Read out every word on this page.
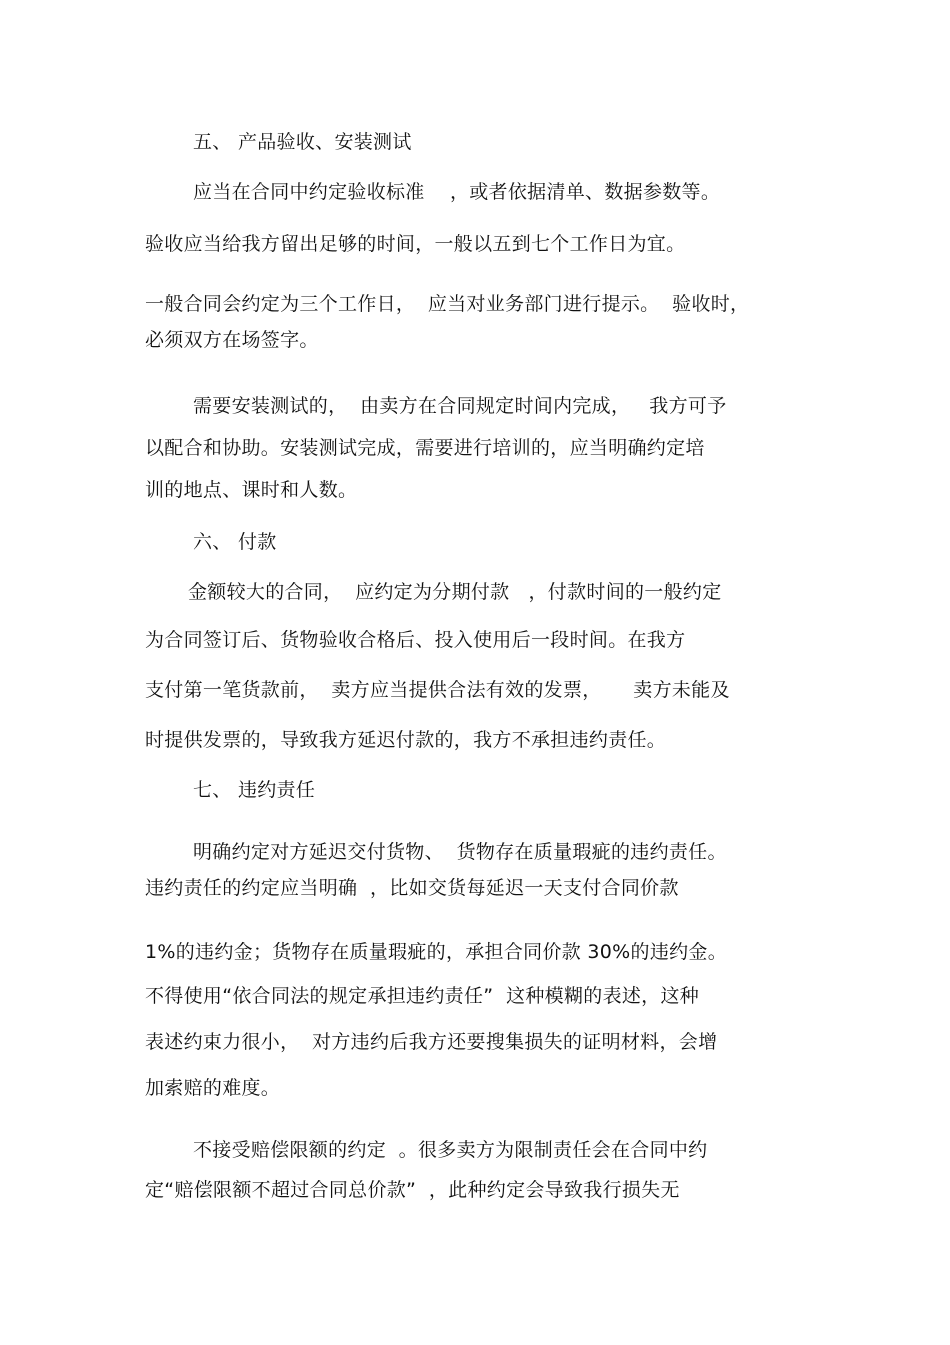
五、 产品验收、安装测试
应当在合同中约定验收标准    ，或者依据清单、数据参数等。
验收应当给我方留出足够的时间，一般以五到七个工作日为宜。
一般合同会约定为三个工作日，  应当对业务部门进行提示。  验收时，
必须双方在场签字。
需要安装测试的，  由卖方在合同规定时间内完成，   我方可予
以配合和协助。安装测试完成，需要进行培训的，应当明确约定培
训的地点、课时和人数。
六、 付款
金额较大的合同，  应约定为分期付款   ，付款时间的一般约定
为合同签订后、货物验收合格后、投入使用后一段时间。在我方
支付第一笔货款前，  卖方应当提供合法有效的发票，     卖方未能及
时提供发票的，导致我方延迟付款的，我方不承担违约责任。
七、 违约责任
明确约定对方延迟交付货物、  货物存在质量瑕疵的违约责任。
违约责任的约定应当明确  ，比如交货每延迟一天支付合同价款
1%的违约金；货物存在质量瑕疵的，承担合同价款 30%的违约金。
不得使用“依合同法的规定承担违约责任”  这种模糊的表述，这种
表述约束力很小，  对方违约后我方还要搜集损失的证明材料，会增
加索赔的难度。
不接受赔偿限额的约定  。很多卖方为限制责任会在合同中约
定“赔偿限额不超过合同总价款”  ，此种约定会导致我行损失无
